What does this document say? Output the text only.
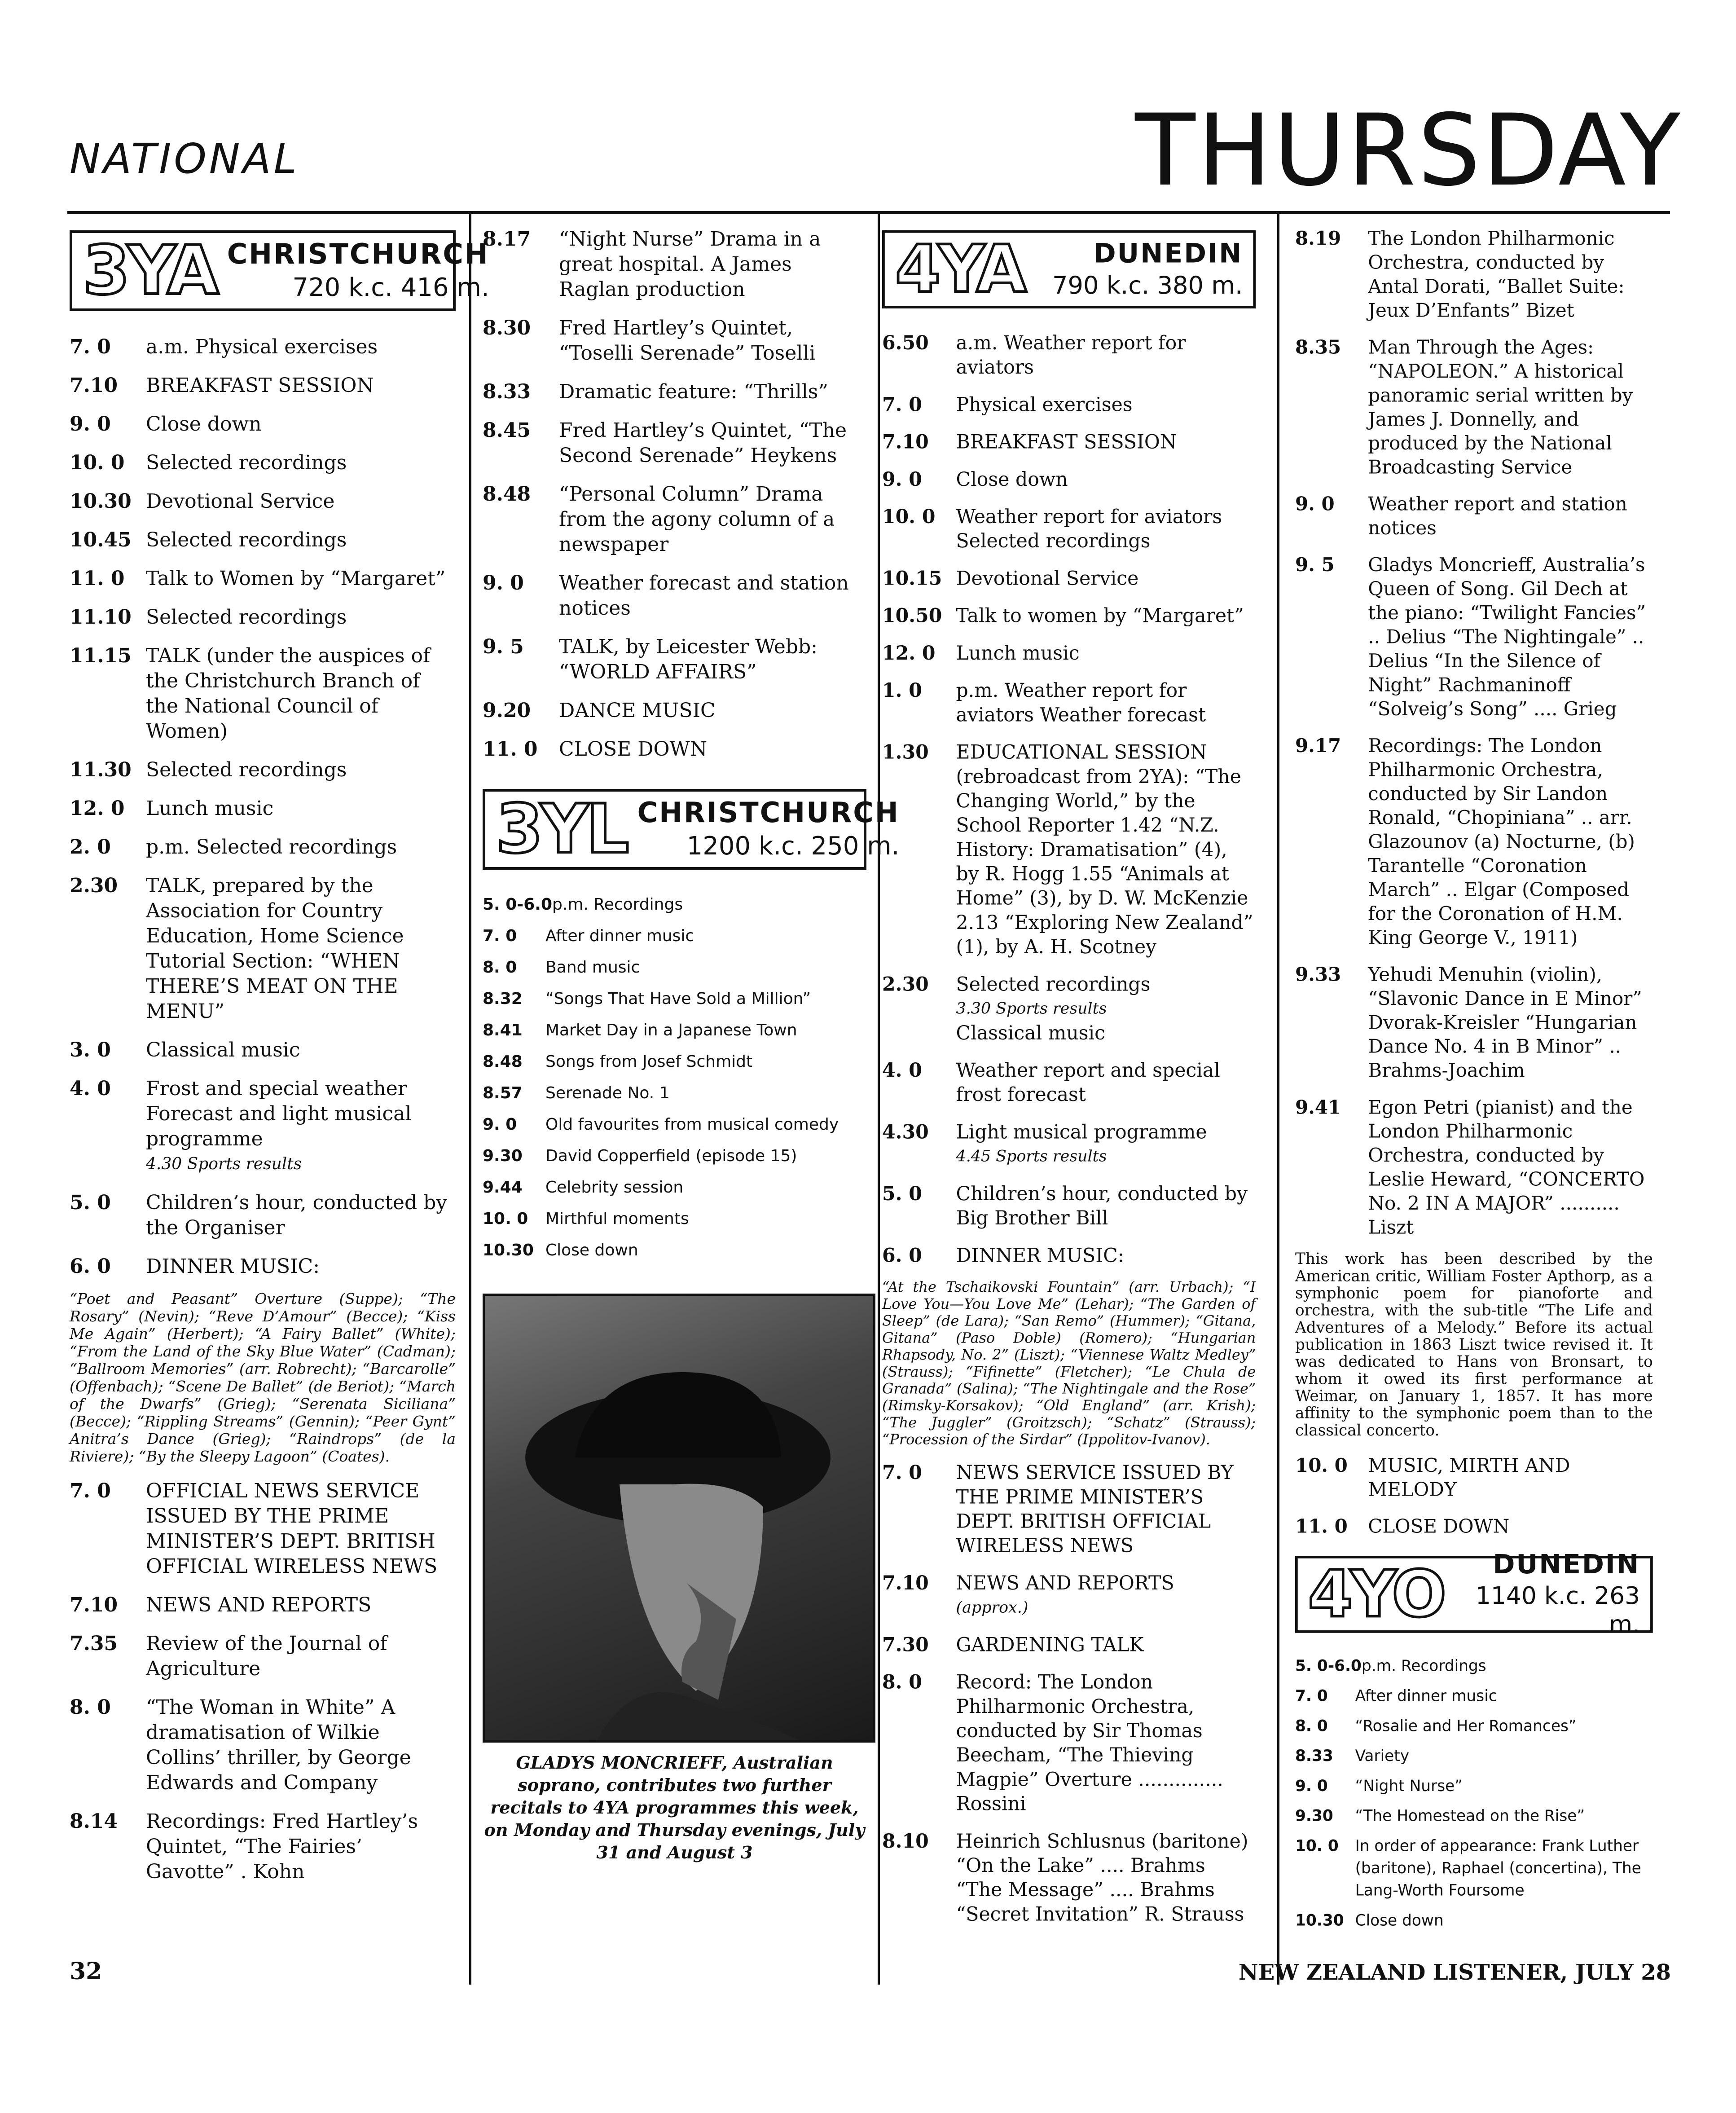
NATIONAL	THURSDAY
3YA CHRISTCHURCH
720 k.c. 416 m.
7. 0	a.m. Physical exercises
7.10	BREAKFAST SESSION
9. 0	Close down
10. 0	Selected recordings
10.30 Devotional Service
10.45 Selected recordings
11. 0	Talk to Women by “Margaret”
11.10 Selected recordings
11.15 TALK (under the auspices of the Christchurch Branch of the National Council of Women)
11.30 Selected recordings
12. 0	Lunch music
2. 0	p.m. Selected recordings
2.30	TALK, prepared by the Association for Country Education, Home Science Tutorial Section: “WHEN THERE’S MEAT ON THE MENU”
3. 0	Classical music
4. 0	Frost and special weather Forecast and light musical programme
4.30 Sports results
5. 0	Children’s hour, conducted by the Organiser
6. 0	DINNER MUSIC:
“Poet and Peasant” Overture (Suppe); “The Rosary” (Nevin); “Reve D’Amour” (Becce); “Kiss Me Again” (Herbert); “A Fairy Ballet” (White); “From the Land of the Sky Blue Water” (Cadman); “Ballroom Memories” (arr. Robrecht); “Barcarolle” (Offenbach); “Scene De Ballet” (de Beriot); “March of the Dwarfs” (Grieg); “Serenata Siciliana” (Becce); “Rippling Streams” (Gennin); “Peer Gynt” Anitra’s Dance (Grieg); “Raindrops” (de la Riviere); “By the Sleepy Lagoon” (Coates).
7. 0	OFFICIAL NEWS SERVICE ISSUED BY THE PRIME MINISTER’S DEPT. BRITISH OFFICIAL WIRELESS NEWS
7.10	NEWS AND REPORTS
7.35	Review of the Journal of Agriculture
8. 0	“The Woman in White” A dramatisation of Wilkie Collins’ thriller, by George Edwards and Company
8.14	Recordings: Fred Hartley’s Quintet, “The Fairies’ Gavotte” . Kohn
8.17	“Night Nurse” Drama in a great hospital. A James Raglan production
8.30	Fred Hartley’s Quintet, “Toselli Serenade” Toselli
8.33	Dramatic feature: “Thrills”
8.45	Fred Hartley’s Quintet, “The Second Serenade” Heykens
8.48	“Personal Column” Drama from the agony column of a newspaper
9. 0	Weather forecast and station notices
9. 5	TALK, by Leicester Webb: “WORLD AFFAIRS”
9.20	DANCE MUSIC
11. 0	CLOSE DOWN
3YL CHRISTCHURCH
1200 k.c. 250 m.
5. 0-6.0 p.m. Recordings
7. 0	After dinner music
8. 0	Band music
8.32	“Songs That Have Sold a Million”
8.41	Market Day in a Japanese Town
8.48	Songs from Josef Schmidt
8.57	Serenade No. 1
9. 0	Old favourites from musical comedy
9.30	David Copperfield (episode 15)
9.44	Celebrity session
10. 0	Mirthful moments
10.30 Close down
GLADYS MONCRIEFF, Australian soprano, contributes two further recitals to 4YA programmes this week, on Monday and Thursday evenings, July 31 and August 3
4YA	DUNEDIN
790 k.c. 380 m.
6.50	a.m. Weather report for aviators
7. 0	Physical exercises
7.10	BREAKFAST SESSION
9. 0	Close down
10. 0	Weather report for aviators Selected recordings
10.15 Devotional Service
10.50 Talk to women by “Margaret”
12. 0	Lunch music
1. 0	p.m. Weather report for aviators Weather forecast
1.30	EDUCATIONAL SESSION (rebroadcast from 2YA): “The Changing World,” by the School Reporter 1.42 “N.Z. History: Dramatisation” (4), by R. Hogg 1.55 “Animals at Home” (3), by D. W. McKenzie 2.13 “Exploring New Zealand” (1), by A. H. Scotney
2.30	Selected recordings
3.30 Sports results
Classical music
4. 0	Weather report and special frost forecast
4.30	Light musical programme
4.45 Sports results
5. 0	Children’s hour, conducted by Big Brother Bill
6. 0	DINNER MUSIC:
“At the Tschaikovski Fountain” (arr. Urbach); “I Love You—You Love Me” (Lehar); “The Garden of Sleep” (de Lara); “San Remo” (Hummer); “Gitana, Gitana” (Paso Doble) (Romero); “Hungarian Rhapsody, No. 2” (Liszt); “Viennese Waltz Medley” (Strauss); “Fifinette” (Fletcher); “Le Chula de Granada” (Salina); “The Nightingale and the Rose” (Rimsky-Korsakov); “Old England” (arr. Krish); “The Juggler” (Groitzsch); “Schatz” (Strauss); “Procession of the Sirdar” (Ippolitov-Ivanov).
7. 0	NEWS SERVICE ISSUED BY THE PRIME MINISTER’S DEPT. BRITISH OFFICIAL WIRELESS NEWS
7.10	NEWS AND REPORTS
(approx.)
7.30	GARDENING TALK
8. 0	Record: The London Philharmonic Orchestra, conducted by Sir Thomas Beecham, “The Thieving Magpie” Overture .............. Rossini
8.10	Heinrich Schlusnus (baritone) “On the Lake” .... Brahms “The Message” .... Brahms “Secret Invitation” R. Strauss
8.19	The London Philharmonic Orchestra, conducted by Antal Dorati, “Ballet Suite: Jeux D’Enfants” Bizet
8.35	Man Through the Ages: “NAPOLEON.” A historical panoramic serial written by James J. Donnelly, and produced by the National Broadcasting Service
9. 0	Weather report and station notices
9. 5	Gladys Moncrieff, Australia’s Queen of Song. Gil Dech at the piano: “Twilight Fancies” .. Delius “The Nightingale” .. Delius “In the Silence of Night” Rachmaninoff “Solveig’s Song” .... Grieg
9.17	Recordings: The London Philharmonic Orchestra, conducted by Sir Landon Ronald, “Chopiniana” .. arr. Glazounov (a) Nocturne, (b) Tarantelle “Coronation March” .. Elgar (Composed for the Coronation of H.M. King George V., 1911)
9.33	Yehudi Menuhin (violin), “Slavonic Dance in E Minor” Dvorak-Kreisler “Hungarian Dance No. 4 in B Minor” .. Brahms-Joachim
9.41	Egon Petri (pianist) and the London Philharmonic Orchestra, conducted by Leslie Heward, “CONCERTO No. 2 IN A MAJOR” .......... Liszt
This work has been described by the American critic, William Foster Apthorp, as a symphonic poem for pianoforte and orchestra, with the sub-title “The Life and Adventures of a Melody.” Before its actual publication in 1863 Liszt twice revised it. It was dedicated to Hans von Bronsart, to whom it owed its first performance at Weimar, on January 1, 1857. It has more affinity to the symphonic poem than to the classical concerto.
10. 0	MUSIC, MIRTH AND MELODY
11. 0	CLOSE DOWN
4YO	DUNEDIN
1140 k.c. 263 m.
5. 0-6.0 p.m. Recordings
7. 0	After dinner music
8. 0	“Rosalie and Her Romances”
8.33	Variety
9. 0	“Night Nurse”
9.30	“The Homestead on the Rise”
10. 0	In order of appearance: Frank Luther (baritone), Raphael (concertina), The Lang-Worth Foursome
10.30 Close down
32	NEW ZEALAND LISTENER, JULY 28
